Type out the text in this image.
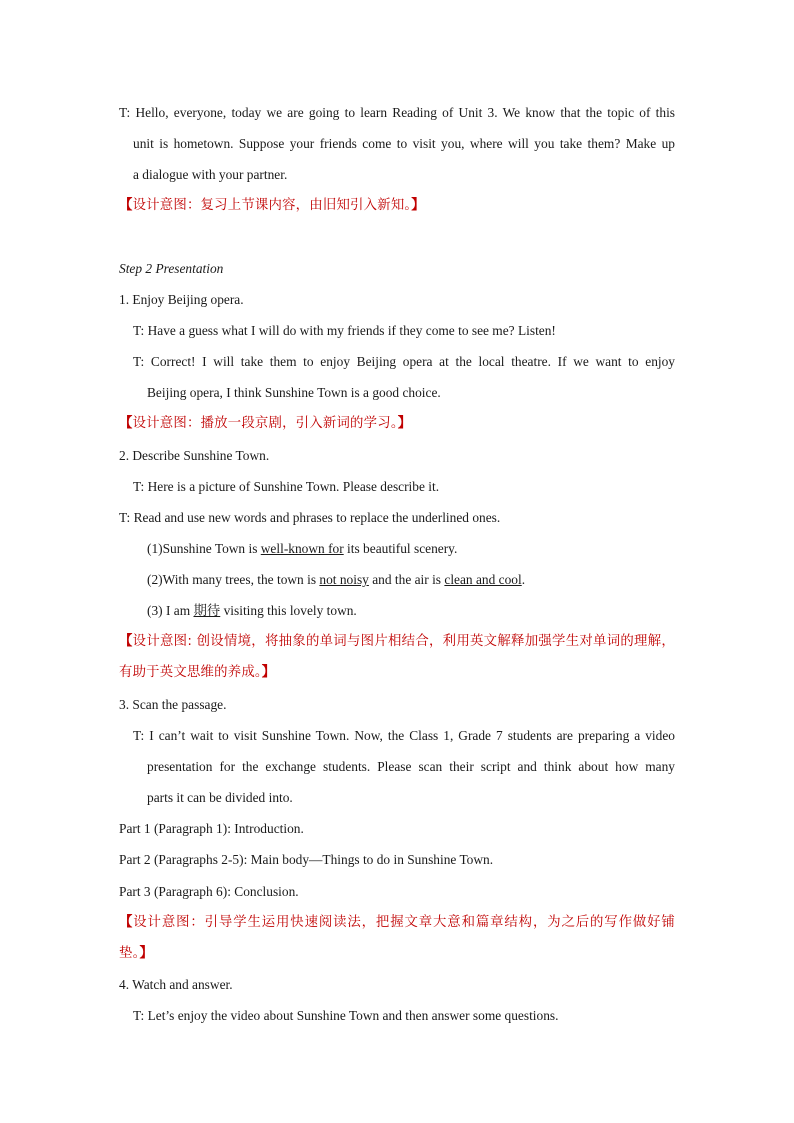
T: Hello, everyone, today we are going to learn Reading of Unit 3. We know that the topic of this
unit is hometown. Suppose your friends come to visit you, where will you take them? Make up
a dialogue with your partner.
【设计意图：复习上节课内容，由旧知引入新知。】
Step 2 Presentation
1. Enjoy Beijing opera.
T: Have a guess what I will do with my friends if they come to see me? Listen!
T: Correct! I will take them to enjoy Beijing opera at the local theatre. If we want to enjoy
Beijing opera, I think Sunshine Town is a good choice.
【设计意图：播放一段京剧，引入新词的学习。】
2. Describe Sunshine Town.
T: Here is a picture of Sunshine Town. Please describe it.
T: Read and use new words and phrases to replace the underlined ones.
(1)Sunshine Town is well-known for its beautiful scenery.
(2)With many trees, the town is not noisy and the air is clean and cool.
(3) I am 期待 visiting this lovely town.
【设计意图: 创设情境，将抽象的单词与图片相结合，利用英文解释加强学生对单词的理解，
有助于英文思维的养成。】
3. Scan the passage.
T: I can’t wait to visit Sunshine Town. Now, the Class 1, Grade 7 students are preparing a video
presentation for the exchange students. Please scan their script and think about how many
parts it can be divided into.
Part 1 (Paragraph 1): Introduction.
Part 2 (Paragraphs 2-5): Main body—Things to do in Sunshine Town.
Part 3 (Paragraph 6): Conclusion.
【设计意图：引导学生运用快速阅读法，把握文章大意和篇章结构，为之后的写作做好铺
垫。】
4. Watch and answer.
T: Let’s enjoy the video about Sunshine Town and then answer some questions.
